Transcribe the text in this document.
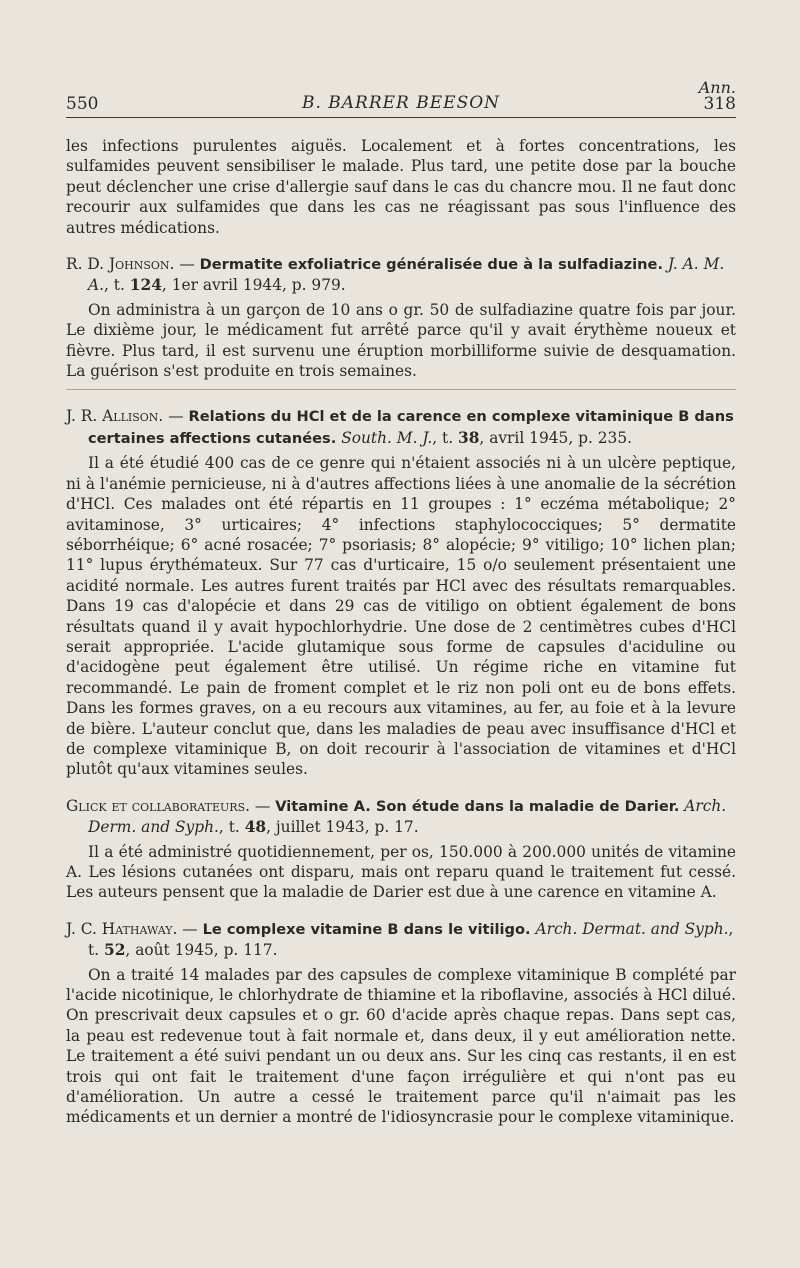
Ann.
550	B. BARRER BEESON	318

les infections purulentes aiguës. Localement et à fortes concentrations, les sulfamides peuvent sensibiliser le malade. Plus tard, une petite dose par la bouche peut déclencher une crise d'allergie sauf dans le cas du chancre mou. Il ne faut donc recourir aux sulfamides que dans les cas ne réagissant pas sous l'influence des autres médications.

R. D. Johnson. — Dermatite exfoliatrice généralisée due à la sulfadiazine. J. A. M. A., t. 124, 1er avril 1944, p. 979.

On administra à un garçon de 10 ans o gr. 50 de sulfadiazine quatre fois par jour. Le dixième jour, le médicament fut arrêté parce qu'il y avait érythème noueux et fièvre. Plus tard, il est survenu une éruption morbilliforme suivie de desquamation. La guérison s'est produite en trois semaines.

J. R. Allison. — Relations du HCl et de la carence en complexe vitaminique B dans certaines affections cutanées. South. M. J., t. 38, avril 1945, p. 235.

Il a été étudié 400 cas de ce genre qui n'étaient associés ni à un ulcère peptique, ni à l'anémie pernicieuse, ni à d'autres affections liées à une anomalie de la sécrétion d'HCl. Ces malades ont été répartis en 11 groupes : 1° eczéma métabolique; 2° avitaminose, 3° urticaires; 4° infections staphylococciques; 5° dermatite séborrhéique; 6° acné rosacée; 7° psoriasis; 8° alopécie; 9° vitiligo; 10° lichen plan; 11° lupus érythémateux. Sur 77 cas d'urticaire, 15 o/o seulement présentaient une acidité normale. Les autres furent traités par HCl avec des résultats remarquables. Dans 19 cas d'alopécie et dans 29 cas de vitiligo on obtient également de bons résultats quand il y avait hypochlorhydrie. Une dose de 2 centimètres cubes d'HCl serait appropriée. L'acide glutamique sous forme de capsules d'aciduline ou d'acidogène peut également être utilisé. Un régime riche en vitamine fut recommandé. Le pain de froment complet et le riz non poli ont eu de bons effets. Dans les formes graves, on a eu recours aux vitamines, au fer, au foie et à la levure de bière. L'auteur conclut que, dans les maladies de peau avec insuffisance d'HCl et de complexe vitaminique B, on doit recourir à l'association de vitamines et d'HCl plutôt qu'aux vitamines seules.

Glick et collaborateurs. — Vitamine A. Son étude dans la maladie de Darier. Arch. Derm. and Syph., t. 48, juillet 1943, p. 17.

Il a été administré quotidiennement, per os, 150.000 à 200.000 unités de vitamine A. Les lésions cutanées ont disparu, mais ont reparu quand le traitement fut cessé. Les auteurs pensent que la maladie de Darier est due à une carence en vitamine A.

J. C. Hathaway. — Le complexe vitamine B dans le vitiligo. Arch. Dermat. and Syph., t. 52, août 1945, p. 117.

On a traité 14 malades par des capsules de complexe vitaminique B complété par l'acide nicotinique, le chlorhydrate de thiamine et la riboflavine, associés à HCl dilué. On prescrivait deux capsules et o gr. 60 d'acide après chaque repas. Dans sept cas, la peau est redevenue tout à fait normale et, dans deux, il y eut amélioration nette. Le traitement a été suivi pendant un ou deux ans. Sur les cinq cas restants, il en est trois qui ont fait le traitement d'une façon irrégulière et qui n'ont pas eu d'amélioration. Un autre a cessé le traitement parce qu'il n'aimait pas les médicaments et un dernier a montré de l'idiosyncrasie pour le complexe vitaminique.
